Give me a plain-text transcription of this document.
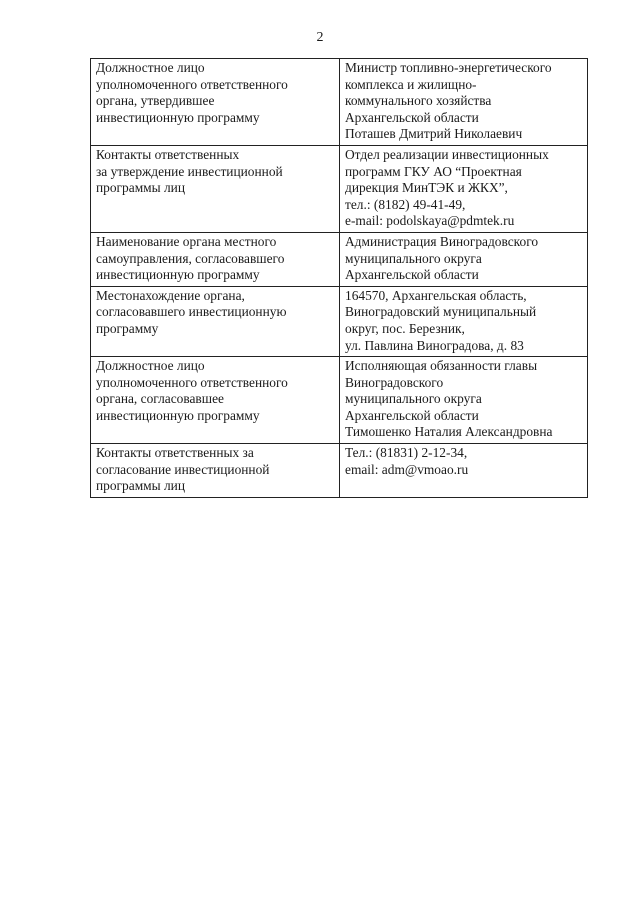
2
Должностное лицо
уполномоченного ответственного
органа, утвердившее
инвестиционную программу	Министр топливно-энергетического
комплекса и жилищно-
коммунального хозяйства
Архангельской области
Поташев Дмитрий Николаевич

Контакты ответственных
за утверждение инвестиционной
программы лиц	Отдел реализации инвестиционных
программ ГКУ АО “Проектная
дирекция МинТЭК и ЖКХ”,
тел.: (8182) 49-41-49,
e-mail: podolskaya@pdmtek.ru

Наименование органа местного
самоуправления, согласовавшего
инвестиционную программу	Администрация Виноградовского
муниципального округа
Архангельской области

Местонахождение органа,
согласовавшего инвестиционную
программу	164570, Архангельская область,
Виноградовский муниципальный
округ, пос. Березник,
ул. Павлина Виноградова, д. 83

Должностное лицо
уполномоченного ответственного
органа, согласовавшее
инвестиционную программу	Исполняющая обязанности главы
Виноградовского
муниципального округа
Архангельской области
Тимошенко Наталия Александровна

Контакты ответственных за
согласование инвестиционной
программы лиц	Тел.: (81831) 2-12-34,
email: adm@vmoao.ru
